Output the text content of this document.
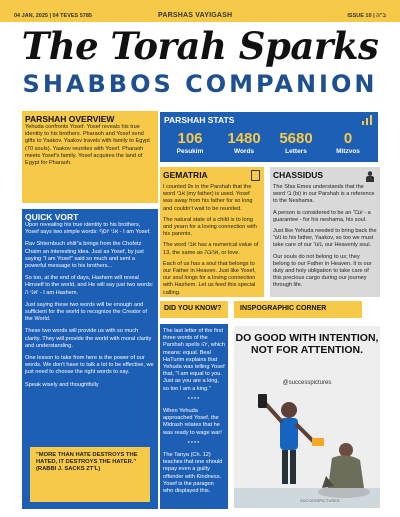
04 JAN, 2025 | 04 TEVES 5785	PARSHAS VAYIGASH	ISSUE 10 | ב"ה
The Torah Sparks
SHABBOS COMPANION
PARSHAH OVERVIEW
Yehuda confronts Yosef. Yosef reveals his true identity to his brothers. Pharaoh and Yosef send gifts to Yaakov. Yaakov travels with family to Egypt (70 souls). Yaakov reunites with Yosef. Pharaoh meets Yosef's family. Yosef acquires the land of Egypt for Pharaoh.
QUICK VORT

Upon revealing his true identity to his brothers, Yosef says two simple words: אני יוסף - I am Yosef.

Rav Shternbuch shlit"a brings from the Chofetz Chaim an interesting idea. Just as Yosef, by just saying "I am Yosef" said so much and sent a powerful message to his brothers...

So too, at the end of days, Hashem will reveal Himself to the world, and He will say just two words: אני ה' - I am Hashem.

Just saying these two words will be enough and sufficient for the world to recognize the Creator of the World.

These two words will provide us with so much clarity. They will provide the world with moral clarity and understanding.

One lesson to take from here is the power of our words. We don't have to talk a lot to be effective, we just need to choose the right words to say.

Speak wisely and thoughtfully

"MORE THAN HATE DESTROYS THE HATED, IT DESTROYS THE HATER."
(RABBI J. SACKS ZT'L)
PARSHAH STATS
106
Pesukim
1480
Words
5680
Letters
0
Mitzvos
GEMATRIA

I counted 9x in the Parshah that the word אבי (my father) is used. Yosef was away from his father for so long and couldn't wait to be reunited.

The natural state of a child is to long and yearn for a loving connection with his parents.

The word אבי has a numerical value of 13, the same as אהבה, or love.

Each of us has a soul that belongs to our Father in Heaven. Just like Yosef, our soul longs for a loving connection with Hashem. Let us feed this special calling.

CHASSIDUS

The Sfas Emes understands that the word בי (bi) in our Parshah is a reference to the Neshama.

A person is considered to be an עבד - a guarantee - for his neshama, his soul.

Just like Yehuda needed to bring back the נער to his father, Yaakov, so too we must take care of our נער, our Heavenly soul.

Our souls do not belong to us; they belong to our Father in Heaven. It is our duty and holy obligation to take care of this precious cargo during our journey through life.

DID YOU KNOW?	INSPOGRAPHIC CORNER

The last letter of the first three words of the Parshah spells יהו, which means: equal. Beal HaTurim explains that Yehuda was telling Yosef that, "I am equal to you. Just as you are a king, so too I am a king."

****

When Yehuda approached Yosef, the Midrash relates that he was ready to wage war!

****

The Tanya (Ch. 12) teaches that one should repay even a guilty offender with Kindness. Yosef is the paragon who displayed this.

DO GOOD WITH INTENTION, NOT FOR ATTENTION.
@successpictures
SUCCESSPICTURES
